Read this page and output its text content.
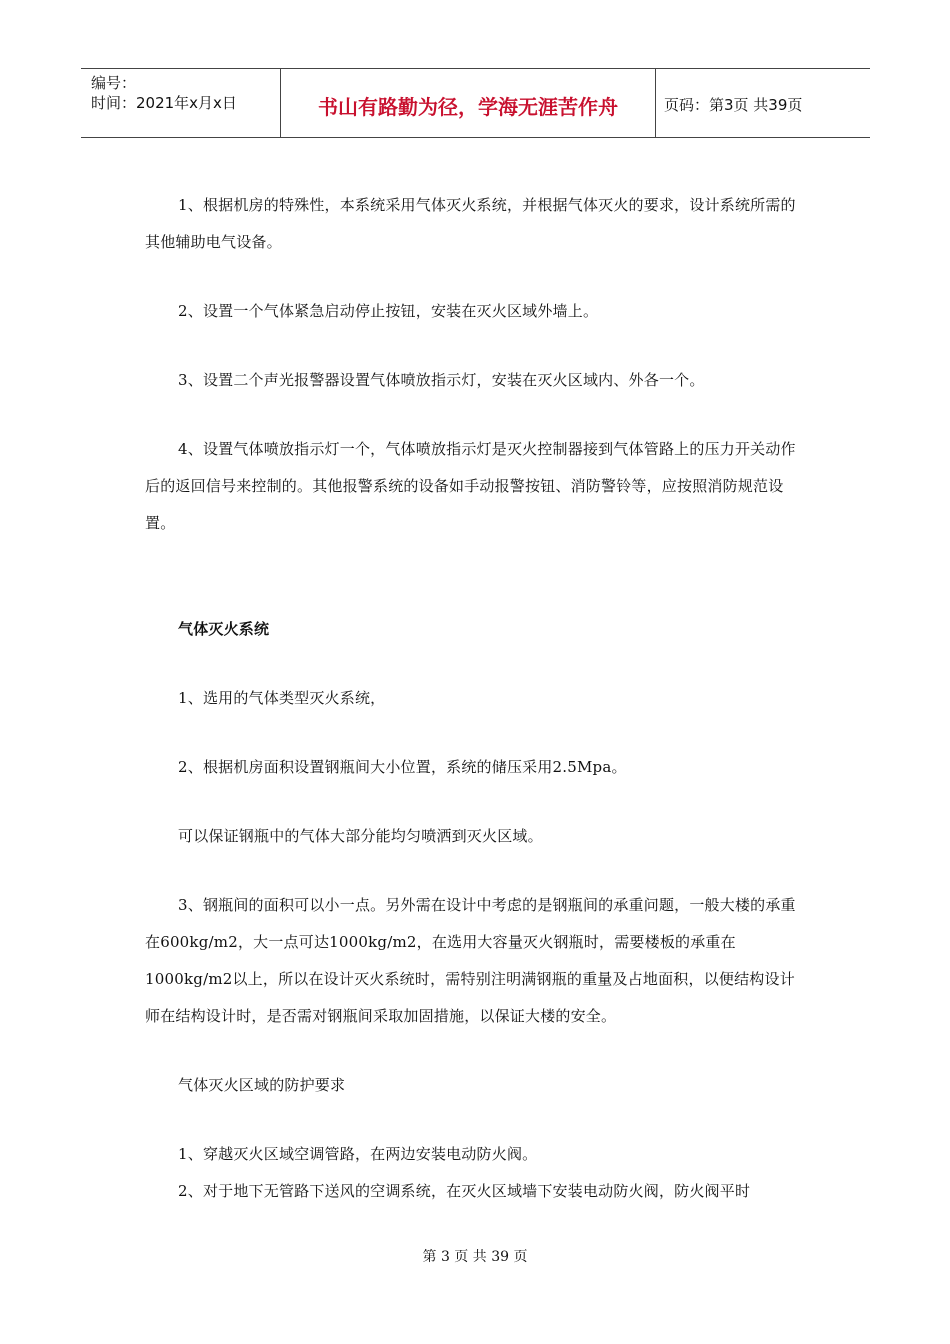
编号：
时间：2021年x月x日	书山有路勤为径，学海无涯苦作舟	页码：第3页 共39页

1、根据机房的特殊性，本系统采用气体灭火系统，并根据气体灭火的要求，设计系统所需的其他辅助电气设备。

2、设置一个气体紧急启动停止按钮，安装在灭火区域外墙上。

3、设置二个声光报警器设置气体喷放指示灯，安装在灭火区域内、外各一个。

4、设置气体喷放指示灯一个，气体喷放指示灯是灭火控制器接到气体管路上的压力开关动作后的返回信号来控制的。其他报警系统的设备如手动报警按钮、消防警铃等，应按照消防规范设置。

气体灭火系统

1、选用的气体类型灭火系统，

2、根据机房面积设置钢瓶间大小位置，系统的储压采用2.5Mpa。

可以保证钢瓶中的气体大部分能均匀喷洒到灭火区域。

3、钢瓶间的面积可以小一点。另外需在设计中考虑的是钢瓶间的承重问题，一般大楼的承重在600kg/m2，大一点可达1000kg/m2，在选用大容量灭火钢瓶时，需要楼板的承重在1000kg/m2以上，所以在设计灭火系统时，需特别注明满钢瓶的重量及占地面积，以便结构设计师在结构设计时，是否需对钢瓶间采取加固措施，以保证大楼的安全。

气体灭火区域的防护要求

1、穿越灭火区域空调管路，在两边安装电动防火阀。

2、对于地下无管路下送风的空调系统，在灭火区域墙下安装电动防火阀，防火阀平时

第 3 页 共 39 页
